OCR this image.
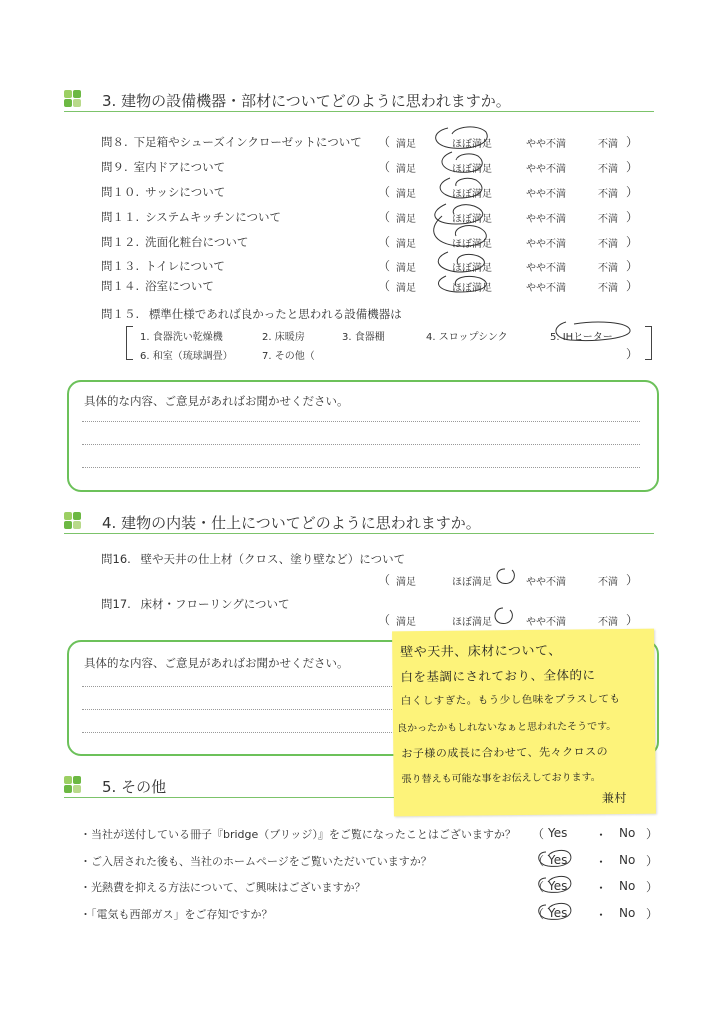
3. 建物の設備機器・部材についてどのように思われますか。
問８. 下足箱やシューズインクローゼットについて （ 満足	ほぼ満足	やや不満	不満 ）
問９. 室内ドアについて	（ 満足	ほぼ満足	やや不満	不満 ）
問１０. サッシについて	（ 満足	ほぼ満足	やや不満	不満 ）
問１１. システムキッチンについて	（ 満足	ほぼ満足	やや不満	不満 ）
問１２. 洗面化粧台について	（ 満足	ほぼ満足	やや不満	不満 ）
問１３. トイレについて	（ 満足	ほぼ満足	やや不満	不満 ）
問１４. 浴室について	（ 満足	ほぼ満足	やや不満	不満 ）
問１５. 標準仕様であれば良かったと思われる設備機器は
1. 食器洗い乾燥機	2. 床暖房	3. 食器棚	4. スロップシンク	5. IHヒーター
6. 和室（琉球調畳）	7. その他（	）
具体的な内容、ご意見があればお聞かせください。
4. 建物の内装・仕上についてどのように思われますか。
問16. 壁や天井の仕上材（クロス、塗り壁など）について
（ 満足	ほぼ満足	やや不満	不満 ）
問17. 床材・フローリングについて
（ 満足	ほぼ満足	やや不満	不満 ）
具体的な内容、ご意見があればお聞かせください。
壁や天井、床材について、
白を基調にされており、全体的に
白くしすぎた。もう少し色味をプラスしても
良かったかもしれないなぁと思われたそうです。
お子様の成長に合わせて、先々クロスの
張り替えも可能な事をお伝えしております。
兼村
5. その他
・当社が送付している冊子『bridge（ブリッジ）』をご覧になったことはございますか？ （ Yes ・ No ）
・ご入居された後も、当社のホームページをご覧いただいていますか？	（ Yes ・ No ）
・光熱費を抑える方法について、ご興味はございますか？	（ Yes ・ No ）
・「電気も西部ガス」をご存知ですか？	（ Yes ・ No ）
